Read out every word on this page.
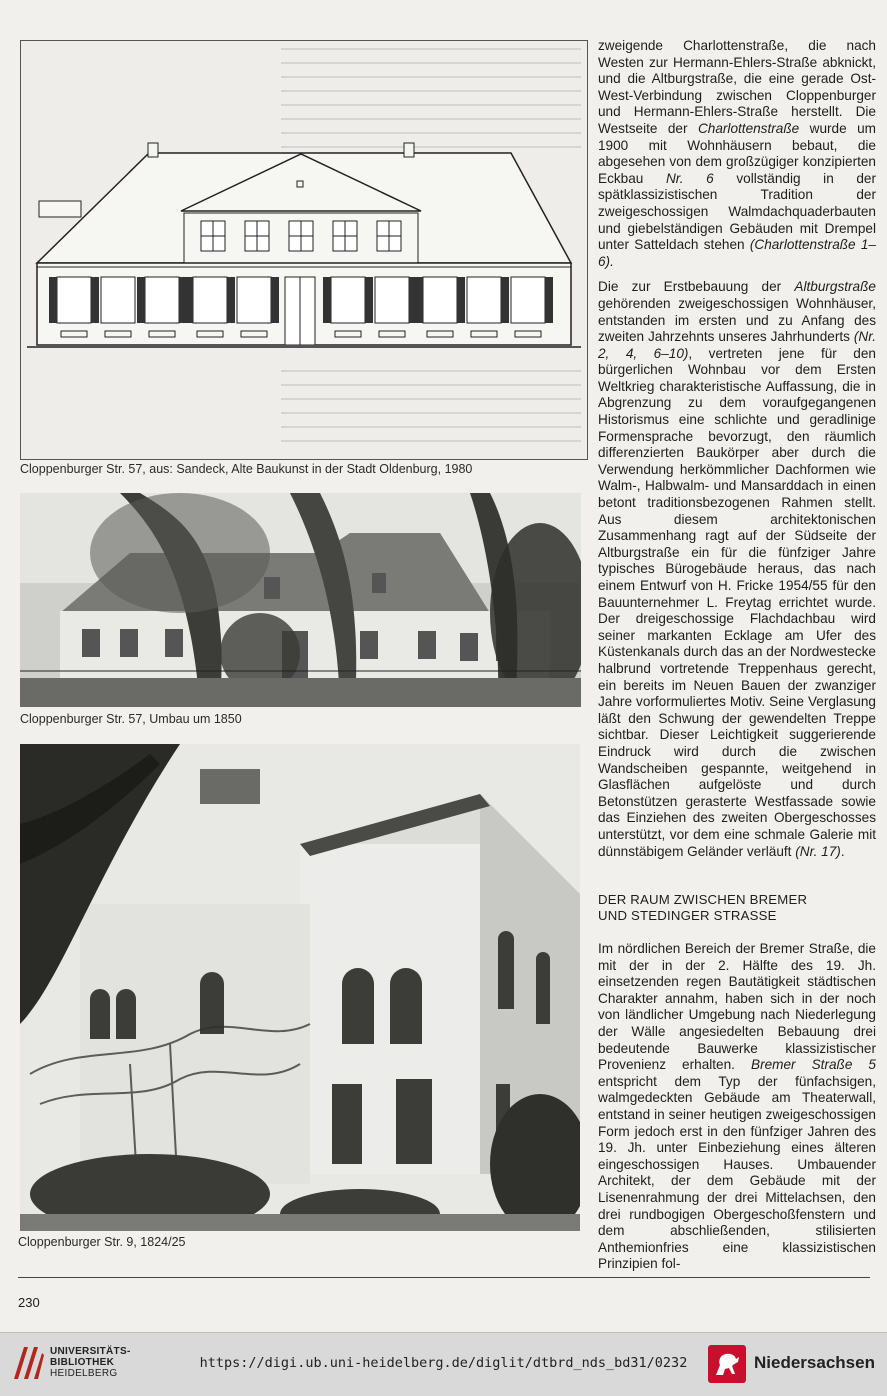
Cloppenburger Str. 57, aus: Sandeck, Alte Baukunst in der Stadt Oldenburg, 1980
Cloppenburger Str. 57, Umbau um 1850
Cloppenburger Str. 9, 1824/25

zweigende Charlottenstraße, die nach Westen zur Hermann-Ehlers-Straße abknickt, und die Altburgstraße, die eine gerade Ost-West-Verbindung zwischen Cloppenburger und Hermann-Ehlers-Straße herstellt. Die Westseite der Charlottenstraße wurde um 1900 mit Wohnhäusern bebaut, die abgesehen von dem großzügiger konzipierten Eckbau Nr. 6 vollständig in der spätklassizistischen Tradition der zweigeschossigen Walmdachquaderbauten und giebelständigen Gebäuden mit Drempel unter Satteldach stehen (Charlottenstraße 1–6).

Die zur Erstbebauung der Altburgstraße gehörenden zweigeschossigen Wohnhäuser, entstanden im ersten und zu Anfang des zweiten Jahrzehnts unseres Jahrhunderts (Nr. 2, 4, 6–10), vertreten jene für den bürgerlichen Wohnbau vor dem Ersten Weltkrieg charakteristische Auffassung, die in Abgrenzung zu dem voraufgegangenen Historismus eine schlichte und geradlinige Formensprache bevorzugt, den räumlich differenzierten Baukörper aber durch die Verwendung herkömmlicher Dachformen wie Walm-, Halbwalm- und Mansarddach in einen betont traditionsbezogenen Rahmen stellt. Aus diesem architektonischen Zusammenhang ragt auf der Südseite der Altburgstraße ein für die fünfziger Jahre typisches Bürogebäude heraus, das nach einem Entwurf von H. Fricke 1954/55 für den Bauunternehmer L. Freytag errichtet wurde. Der dreigeschossige Flachdachbau wird seiner markanten Ecklage am Ufer des Küstenkanals durch das an der Nordwestecke halbrund vortretende Treppenhaus gerecht, ein bereits im Neuen Bauen der zwanziger Jahre vorformuliertes Motiv. Seine Verglasung läßt den Schwung der gewendelten Treppe sichtbar. Dieser Leichtigkeit suggerierende Eindruck wird durch die zwischen Wandscheiben gespannte, weitgehend in Glasflächen aufgelöste und durch Betonstützen gerasterte Westfassade sowie das Einziehen des zweiten Obergeschosses unterstützt, vor dem eine schmale Galerie mit dünnstäbigem Geländer verläuft (Nr. 17).

DER RAUM ZWISCHEN BREMER
UND STEDINGER STRASSE

Im nördlichen Bereich der Bremer Straße, die mit der in der 2. Hälfte des 19. Jh. einsetzenden regen Bautätigkeit städtischen Charakter annahm, haben sich in der noch von ländlicher Umgebung nach Niederlegung der Wälle angesiedelten Bebauung drei bedeutende Bauwerke klassizistischer Provenienz erhalten. Bremer Straße 5 entspricht dem Typ der fünfachsigen, walmgedeckten Gebäude am Theaterwall, entstand in seiner heutigen zweigeschossigen Form jedoch erst in den fünfziger Jahren des 19. Jh. unter Einbeziehung eines älteren eingeschossigen Hauses. Umbauender Architekt, der dem Gebäude mit der Lisenenrahmung der drei Mittelachsen, den drei rundbogigen Obergeschoßfenstern und dem abschließenden, stilisierten Anthemionfries eine klassizistischen Prinzipien fol-

230
UNIVERSITÄTS-
BIBLIOTHEK
HEIDELBERG
https://digi.ub.uni-heidelberg.de/diglit/dtbrd_nds_bd31/0232	Niedersachsen
